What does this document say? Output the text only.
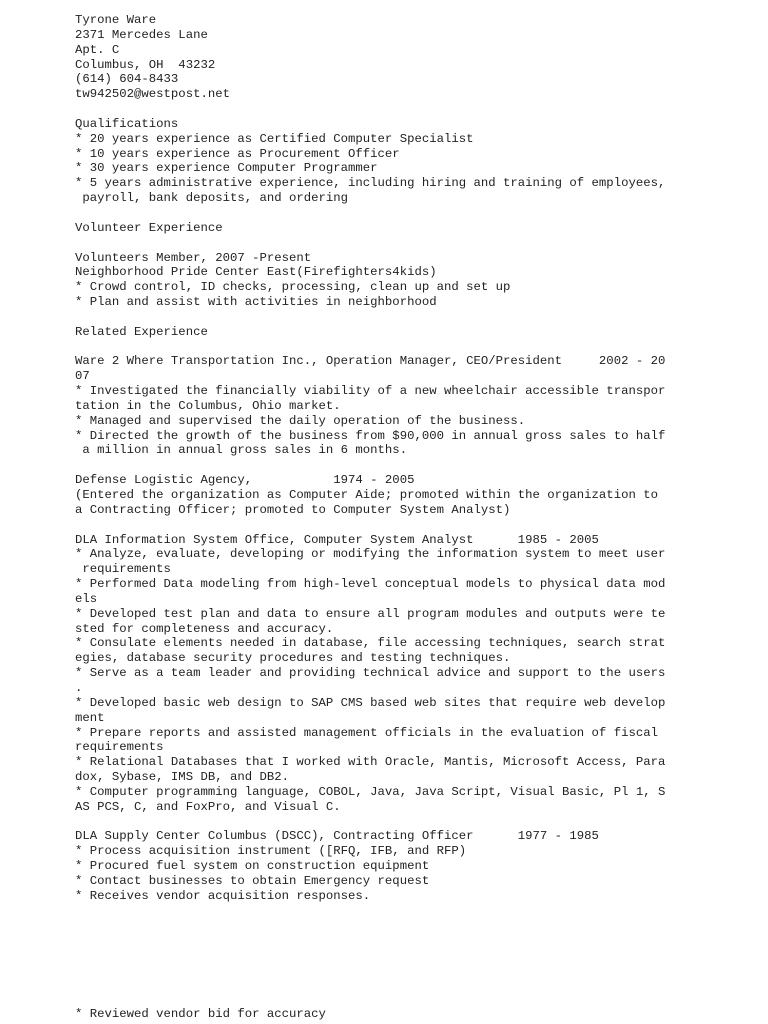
Tyrone Ware
2371 Mercedes Lane
Apt. C
Columbus, OH  43232
(614) 604-8433
tw942502@westpost.net
Qualifications
* 20 years experience as Certified Computer Specialist
* 10 years experience as Procurement Officer
* 30 years experience Computer Programmer
* 5 years administrative experience, including hiring and training of employees,
payroll, bank deposits, and ordering
Volunteer Experience
Volunteers Member, 2007 -Present
Neighborhood Pride Center East(Firefighters4kids)
* Crowd control, ID checks, processing, clean up and set up
* Plan and assist with activities in neighborhood
Related Experience
Ware 2 Where Transportation Inc., Operation Manager, CEO/President     2002 - 20
07
* Investigated the financially viability of a new wheelchair accessible transpor
tation in the Columbus, Ohio market.
* Managed and supervised the daily operation of the business.
* Directed the growth of the business from $90,000 in annual gross sales to half
a million in annual gross sales in 6 months.
Defense Logistic Agency,           1974 - 2005
(Entered the organization as Computer Aide; promoted within the organization to
a Contracting Officer; promoted to Computer System Analyst)
DLA Information System Office, Computer System Analyst      1985 - 2005
* Analyze, evaluate, developing or modifying the information system to meet user
requirements
* Performed Data modeling from high-level conceptual models to physical data mod
els
* Developed test plan and data to ensure all program modules and outputs were te
sted for completeness and accuracy.
* Consulate elements needed in database, file accessing techniques, search strat
egies, database security procedures and testing techniques.
* Serve as a team leader and providing technical advice and support to the users
.
* Developed basic web design to SAP CMS based web sites that require web develop
ment
* Prepare reports and assisted management officials in the evaluation of fiscal
requirements
* Relational Databases that I worked with Oracle, Mantis, Microsoft Access, Para
dox, Sybase, IMS DB, and DB2.
* Computer programming language, COBOL, Java, Java Script, Visual Basic, Pl 1, S
AS PCS, C, and FoxPro, and Visual C.
DLA Supply Center Columbus (DSCC), Contracting Officer      1977 - 1985
* Process acquisition instrument ([RFQ, IFB, and RFP)
* Procured fuel system on construction equipment
* Contact businesses to obtain Emergency request
* Receives vendor acquisition responses.
* Reviewed vendor bid for accuracy
